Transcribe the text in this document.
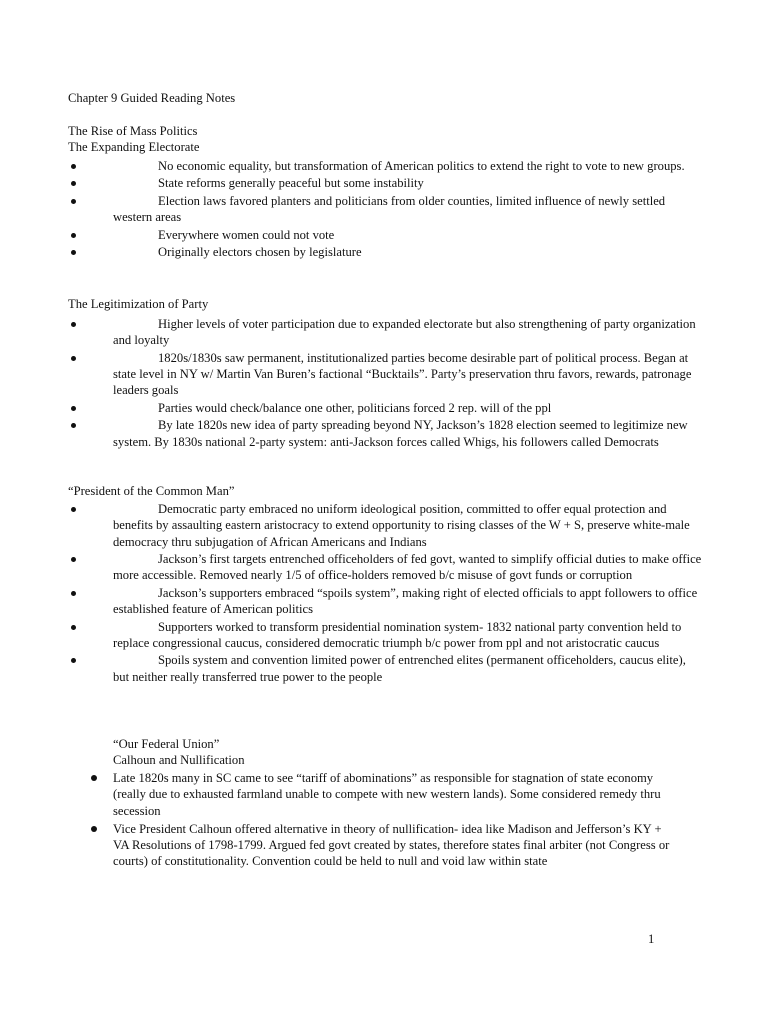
Chapter 9 Guided Reading Notes
The Rise of Mass Politics
The Expanding Electorate
No economic equality, but transformation of American politics to extend the right to vote to new groups.
State reforms generally peaceful but some instability
Election laws favored planters and politicians from older counties, limited influence of newly settled western areas
Everywhere women could not vote
Originally electors chosen by legislature
The Legitimization of Party
Higher levels of voter participation due to expanded electorate but also strengthening of party organization and loyalty
1820s/1830s saw permanent, institutionalized parties become desirable part of political process. Began at state level in NY w/ Martin Van Buren’s factional “Bucktails”. Party’s preservation thru favors, rewards, patronage leaders goals
Parties would check/balance one other, politicians forced 2 rep. will of the ppl
By late 1820s new idea of party spreading beyond NY, Jackson’s 1828 election seemed to legitimize new system. By 1830s national 2-party system: anti-Jackson forces called Whigs, his followers called Democrats
“President of the Common Man”
Democratic party embraced no uniform ideological position, committed to offer equal protection and benefits by assaulting eastern aristocracy to extend opportunity to rising classes of the W + S, preserve white-male democracy thru subjugation of African Americans and Indians
Jackson’s first targets entrenched officeholders of fed govt, wanted to simplify official duties to make office more accessible. Removed nearly 1/5 of office-holders removed b/c misuse of govt funds or corruption
Jackson’s supporters embraced “spoils system”, making right of elected officials to appt followers to office established feature of American politics
Supporters worked to transform presidential nomination system- 1832 national party convention held to replace congressional caucus, considered democratic triumph b/c power from ppl and not aristocratic caucus
Spoils system and convention limited power of entrenched elites (permanent officeholders, caucus elite), but neither really transferred true power to the people
“Our Federal Union”
Calhoun and Nullification
Late 1820s many in SC came to see “tariff of abominations” as responsible for stagnation of state economy (really due to exhausted farmland unable to compete with new western lands). Some considered remedy thru secession
Vice President Calhoun offered alternative in theory of nullification- idea like Madison and Jefferson’s KY + VA Resolutions of 1798-1799. Argued fed govt created by states, therefore states final arbiter (not Congress or courts) of constitutionality. Convention could be held to null and void law within state
1
